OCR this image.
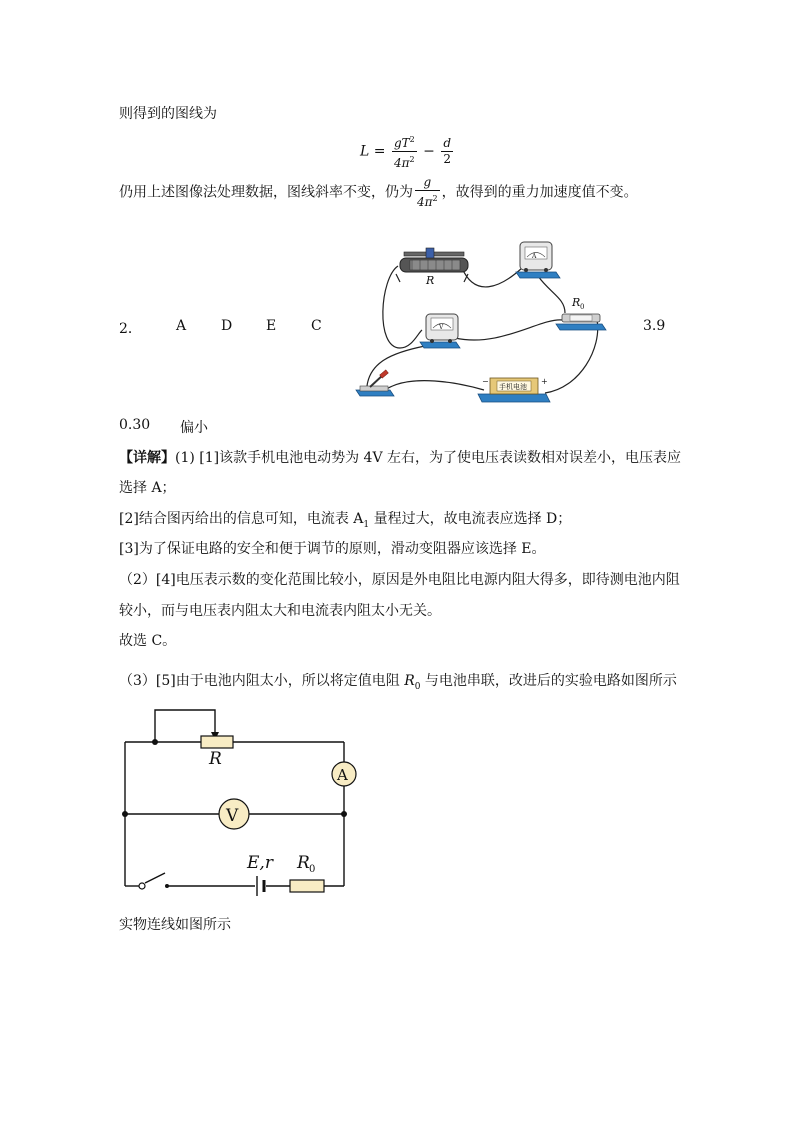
则得到的图线为
$L = \frac{gT^2}{4\pi^2} - \frac{d}{2}$
仍用上述图像法处理数据，图线斜率不变，仍为 $\frac{g}{4\pi^2}$ ，故得到的重力加速度值不变。
2． A D E C	3.9
R
A
R 0
V
手机电池
−	+
0.30 偏小
【详解】(1) [1]该款手机电池电动势为 4V 左右，为了使电压表读数相对误差小，电压表应
选择 A；
[2]结合图丙给出的信息可知，电流表 $A_1$ 量程过大，故电流表应选择 D；
[3]为了保证电路的安全和便于调节的原则，滑动变阻器应该选择 E。
（2）[4]电压表示数的变化范围比较小，原因是外电阻比电源内阻大得多，即待测电池内阻
较小，而与电压表内阻太大和电流表内阻太小无关。
故选 C。
（3）[5]由于电池内阻太小，所以将定值电阻 $R_0$ 与电池串联，改进后的实验电路如图所示
R
A
V
E,r R 0
实物连线如图所示
